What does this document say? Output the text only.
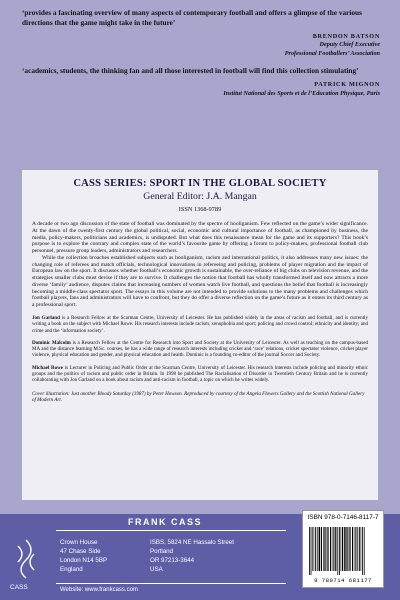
‘provides a fascinating overview of many aspects of contemporary football and offers a glimpse of the various directions that the game might take in the future’

BRENDON BATSON
Deputy Chief Executive
Professional Footballers’ Association

‘academics, students, the thinking fan and all those interested in football will find this collection stimulating’

PATRICK MIGNON
Institut National des Sports et de l’Education Physique, Paris

CASS SERIES: SPORT IN THE GLOBAL SOCIETY

General Editor: J.A. Mangan

ISSN 1368-9789

A decade or two ago discussion of the state of football was dominated by the spectre of hooliganism. Few reflected on the game’s wider significance. At the dawn of the twenty-first century the global political, social, economic and cultural importance of football, as championed by business, the media, policy-makers, politicians and academics, is undisputed. But what does this renaissance mean for the game and its supporters? This book’s purpose is to explore the contrary and complex state of the world’s favourite game by offering a forum to policy-makers, professional football club personnel, pressure group leaders, administrators and researchers.

While the collection broaches established subjects such as hooliganism, racism and international politics, it also addresses many new issues: the changing role of referees and match officials, technological innovations in refereeing and policing, problems of player migration and the impact of European law on the sport. It discusses whether football’s economic growth is sustainable, the over-reliance of big clubs on television revenue, and the strategies smaller clubs must devise if they are to survive. It challenges the notion that football has wholly transformed itself and now attracts a more diverse ‘family’ audience, disputes claims that increasing numbers of women watch live football, and questions the belief that football is increasingly becoming a middle-class spectator sport. The essays in this volume are not intended to provide solutions to the many problems and challenges which football players, fans and administrators will have to confront, but they do offer a diverse reflection on the game’s future as it enters its third century as a professional sport.

Jon Garland is a Research Fellow at the Scarman Centre, University of Leicester. He has published widely in the areas of racism and football, and is currently writing a book on the subject with Michael Rowe. His research interests include racism, xenophobia and sport; policing and crowd control; ethnicity and identity; and crime and the ‘information society’.

Dominic Malcolm is a Research Fellow at the Centre for Research into Sport and Society at the University of Leicester. As well as teaching on the campus-based MA and the distance learning M.Sc. courses, he has a wide range of research interests including cricket and ‘race’ relations, cricket spectator violence, cricket player violence, physical education and gender, and physical education and health. Dominic is a founding co-editor of the journal Soccer and Society.

Michael Rowe is Lecturer in Policing and Public Order at the Scarman Centre, University of Leicester. His research interests include policing and minority ethnic groups and the politics of racism and public order in Britain. In 1998 he published The Racialisation of Disorder in Twentieth Century Britain and he is currently collaborating with Jon Garland on a book about racism and anti-racism in football, a topic on which he writes widely.

Cover illustration: Just another Bloody Saturday (1987) by Peter Howson. Reproduced by courtesy of the Angela Flowers Gallery and the Scottish National Gallery of Modern Art.

FRANK CASS
CASS
Crown House
47 Chase Side
London N14 5BP
England
ISBS, 5824 NE Hassalo Street
Portland
OR 97213-3644
USA
Website: www.frankcass.com
ISBN 978-0-7146-8117-7
9 780714 681177
